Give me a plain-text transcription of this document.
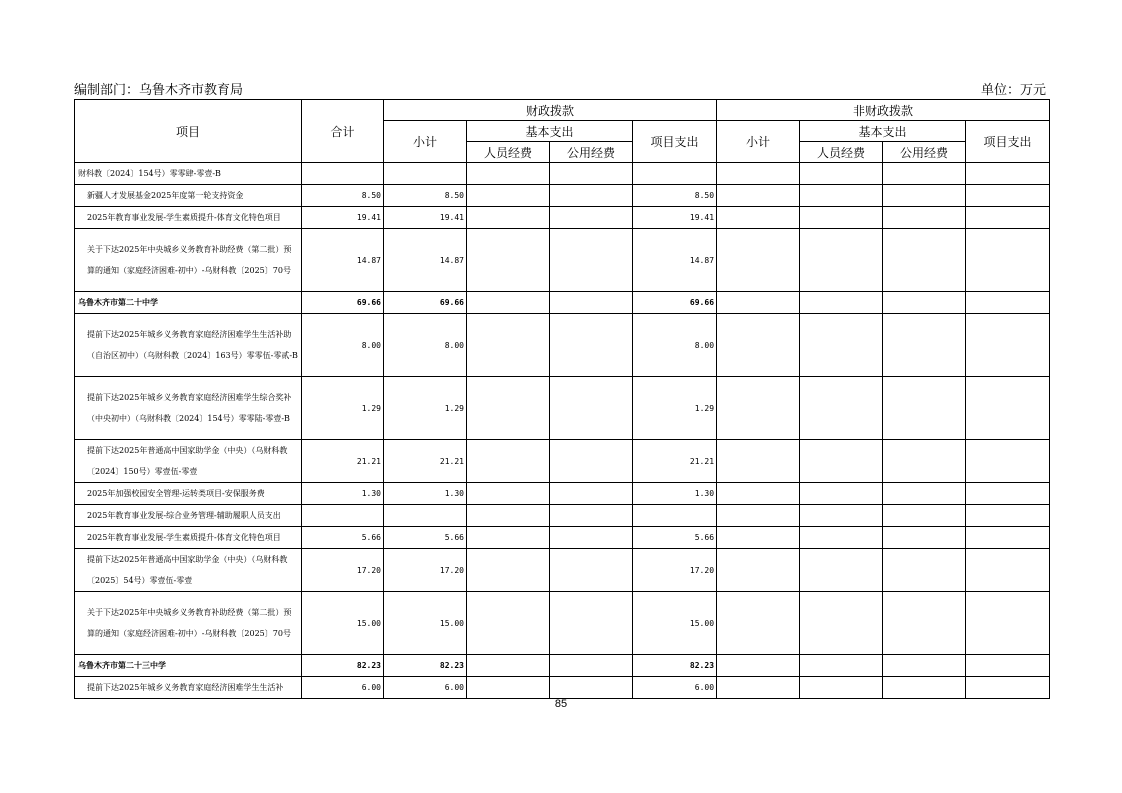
编制部门：乌鲁木齐市教育局	单位：万元
项目	合计	财政拨款				非财政拨款			
		小计	基本支出		项目支出	小计	基本支出		项目支出
			人员经费	公用经费			人员经费	公用经费	
财科教〔2024〕154号）零零肆-零壹-B									
新疆人才发展基金2025年度第一轮支持资金	8.50	8.50			8.50				
2025年教育事业发展-学生素质提升-体育文化特色项目	19.41	19.41			19.41				
关于下达2025年中央城乡义务教育补助经费（第二批）预算的通知（家庭经济困难-初中）-乌财科教〔2025〕70号	14.87	14.87			14.87				
乌鲁木齐市第二十中学	69.66	69.66			69.66				
提前下达2025年城乡义务教育家庭经济困难学生生活补助（自治区初中）（乌财科教〔2024〕163号）零零伍-零贰-B	8.00	8.00			8.00				
提前下达2025年城乡义务教育家庭经济困难学生综合奖补（中央初中）（乌财科教〔2024〕154号）零零陆-零壹-B	1.29	1.29			1.29				
提前下达2025年普通高中国家助学金（中央）（乌财科教〔2024〕150号）零壹伍-零壹	21.21	21.21			21.21				
2025年加强校园安全管理-运转类项目-安保服务费	1.30	1.30			1.30				
2025年教育事业发展-综合业务管理-辅助履职人员支出									
2025年教育事业发展-学生素质提升-体育文化特色项目	5.66	5.66			5.66				
提前下达2025年普通高中国家助学金（中央）（乌财科教〔2025〕54号）零壹伍-零壹	17.20	17.20			17.20				
关于下达2025年中央城乡义务教育补助经费（第二批）预算的通知（家庭经济困难-初中）-乌财科教〔2025〕70号	15.00	15.00			15.00				
乌鲁木齐市第二十三中学	82.23	82.23			82.23				
提前下达2025年城乡义务教育家庭经济困难学生生活补	6.00	6.00			6.00				
85
